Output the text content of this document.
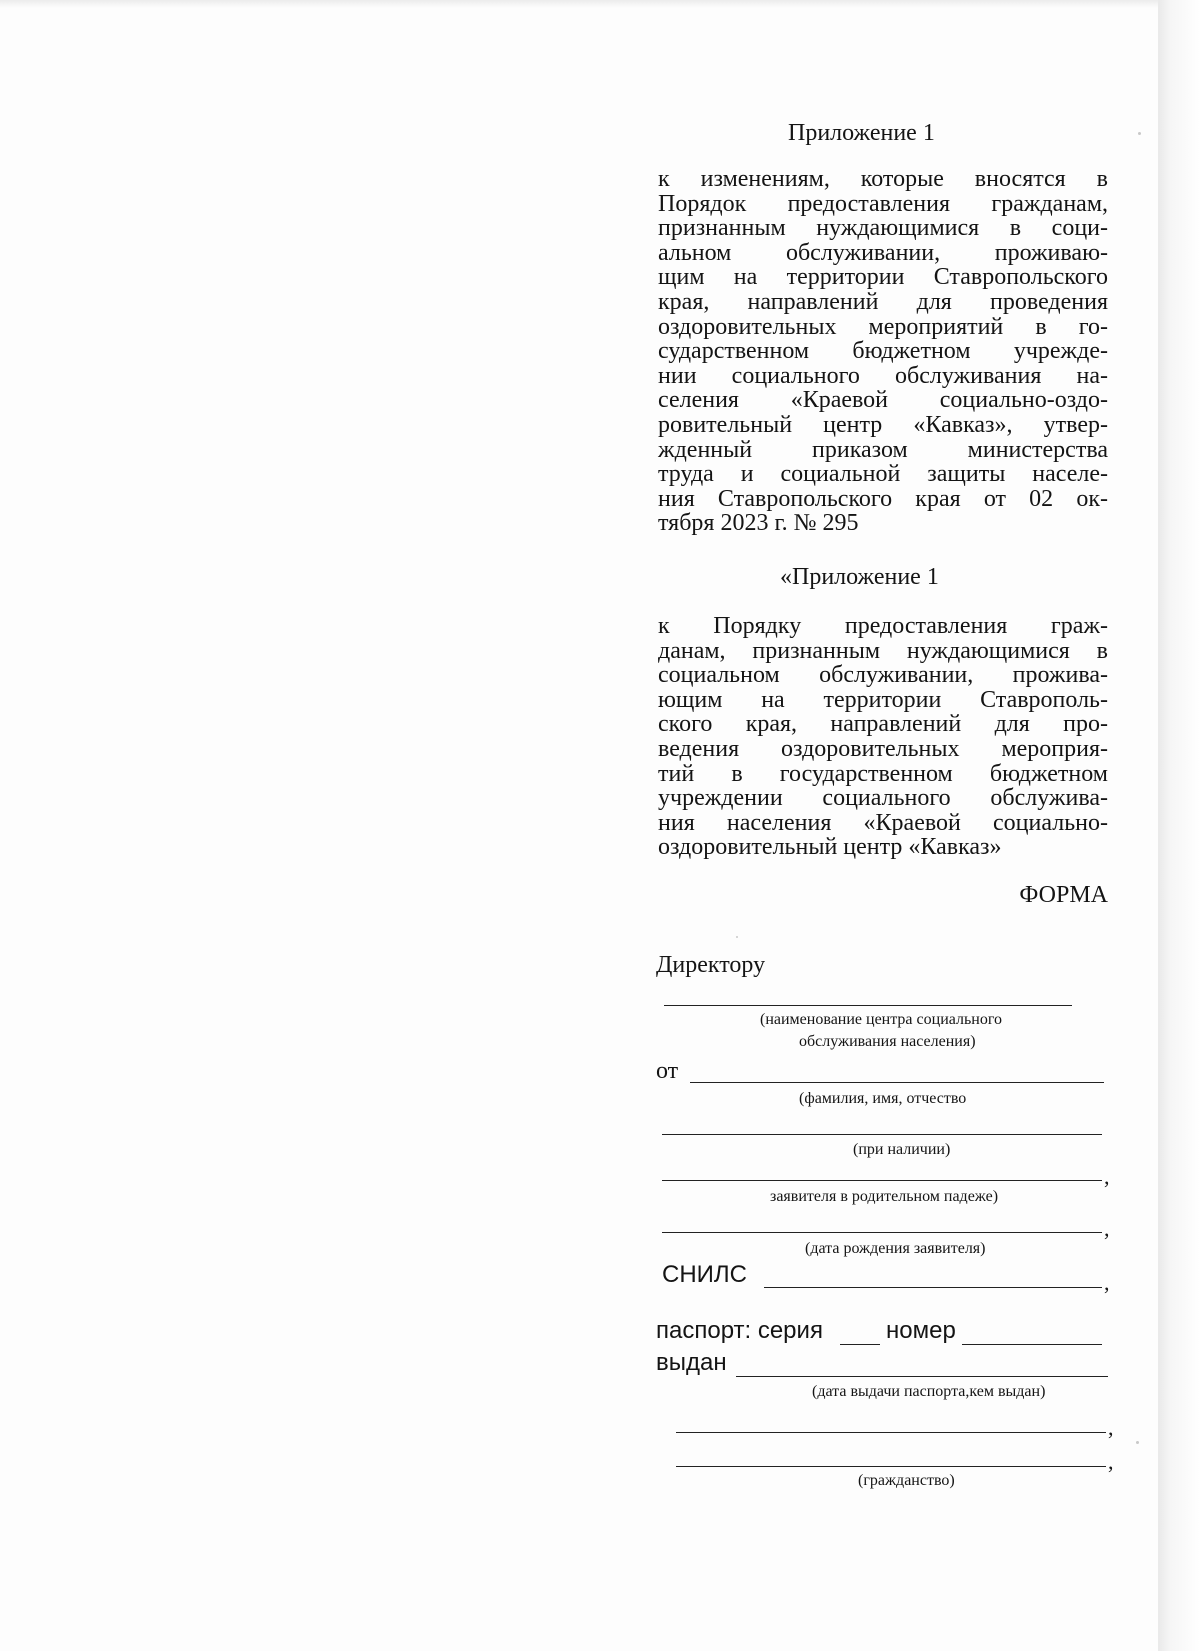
Приложение 1
к изменениям, которые вносятся в
Порядок предоставления гражданам,
признанным нуждающимися в соци-
альном обслуживании, проживаю-
щим на территории Ставропольского
края, направлений для проведения
оздоровительных мероприятий в го-
сударственном бюджетном учрежде-
нии социального обслуживания на-
селения «Краевой социально-оздо-
ровительный центр «Кавказ», утвер-
жденный приказом министерства
труда и социальной защиты населе-
ния Ставропольского края от 02 ок-
тября 2023 г. № 295
«Приложение 1
к Порядку предоставления граж-
данам, признанным нуждающимися в
социальном обслуживании, прожива-
ющим на территории Ставрополь-
ского края, направлений для про-
ведения оздоровительных мероприя-
тий в государственном бюджетном
учреждении социального обслужива-
ния населения «Краевой социально-
оздоровительный центр «Кавказ»
ФОРМА
Директору
(наименование центра социального
обслуживания населения)
от
(фамилия, имя, отчество
(при наличии)
,
заявителя в родительном падеже)
,
(дата рождения заявителя)
СНИЛС	,
паспорт: серия	номер
выдан
(дата выдачи паспорта,кем выдан)
,
,
(гражданство)
